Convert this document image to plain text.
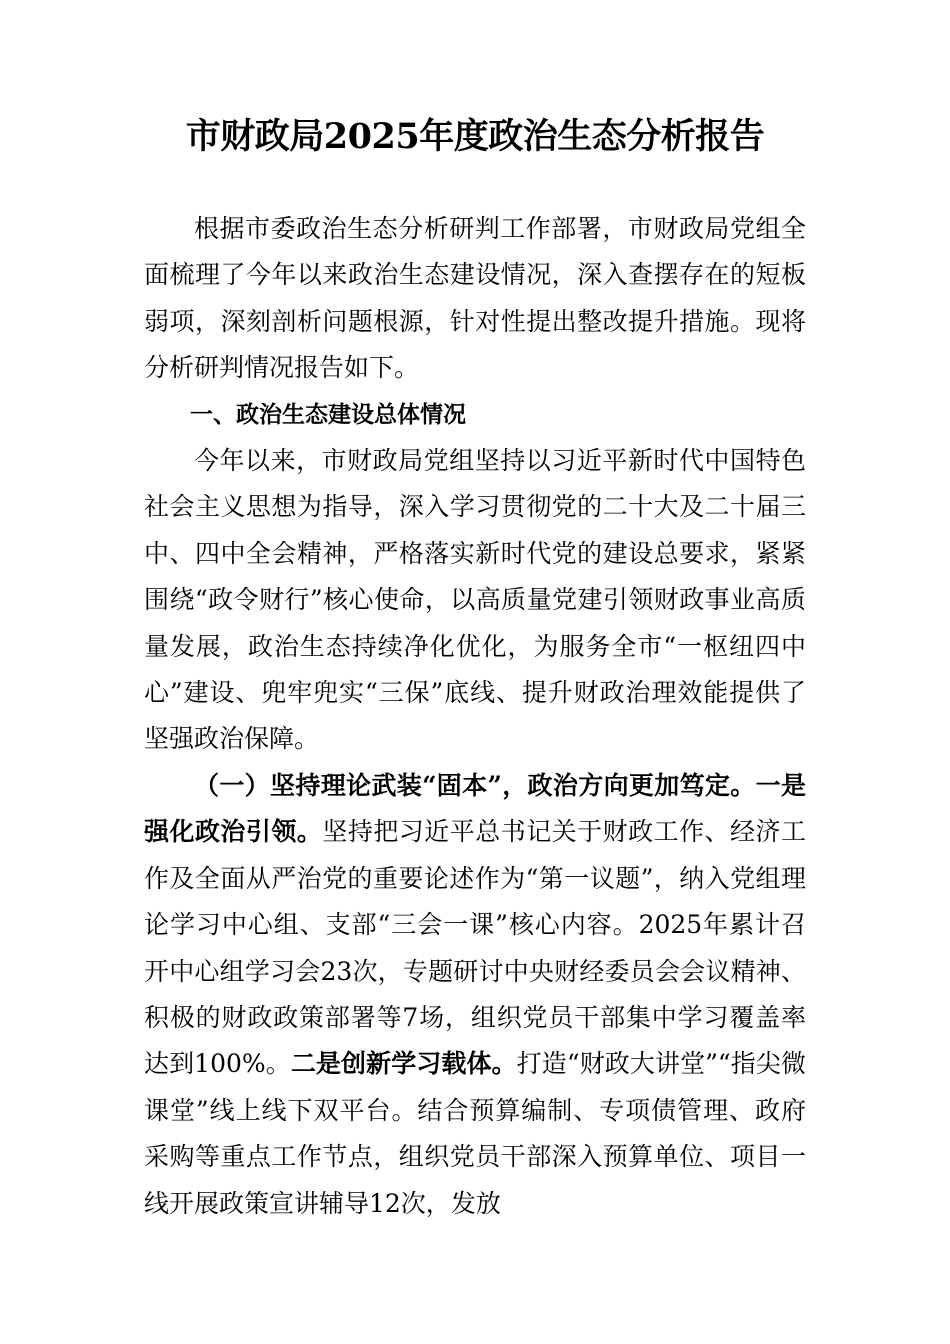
市财政局2025年度政治生态分析报告

根据市委政治生态分析研判工作部署，市财政局党组全面梳理了今年以来政治生态建设情况，深入查摆存在的短板弱项，深刻剖析问题根源，针对性提出整改提升措施。现将分析研判情况报告如下。

一、政治生态建设总体情况

今年以来，市财政局党组坚持以习近平新时代中国特色社会主义思想为指导，深入学习贯彻党的二十大及二十届三中、四中全会精神，严格落实新时代党的建设总要求，紧紧围绕“政令财行”核心使命，以高质量党建引领财政事业高质量发展，政治生态持续净化优化，为服务全市“一枢纽四中心”建设、兜牢兜实“三保”底线、提升财政治理效能提供了坚强政治保障。

（一）坚持理论武装“固本”，政治方向更加笃定。一是强化政治引领。坚持把习近平总书记关于财政工作、经济工作及全面从严治党的重要论述作为“第一议题”，纳入党组理论学习中心组、支部“三会一课”核心内容。2025年累计召开中心组学习会23次，专题研讨中央财经委员会会议精神、积极的财政政策部署等7场，组织党员干部集中学习覆盖率达到100%。二是创新学习载体。打造“财政大讲堂”“指尖微课堂”线上线下双平台。结合预算编制、专项债管理、政府采购等重点工作节点，组织党员干部深入预算单位、项目一线开展政策宣讲辅导12次，发放
